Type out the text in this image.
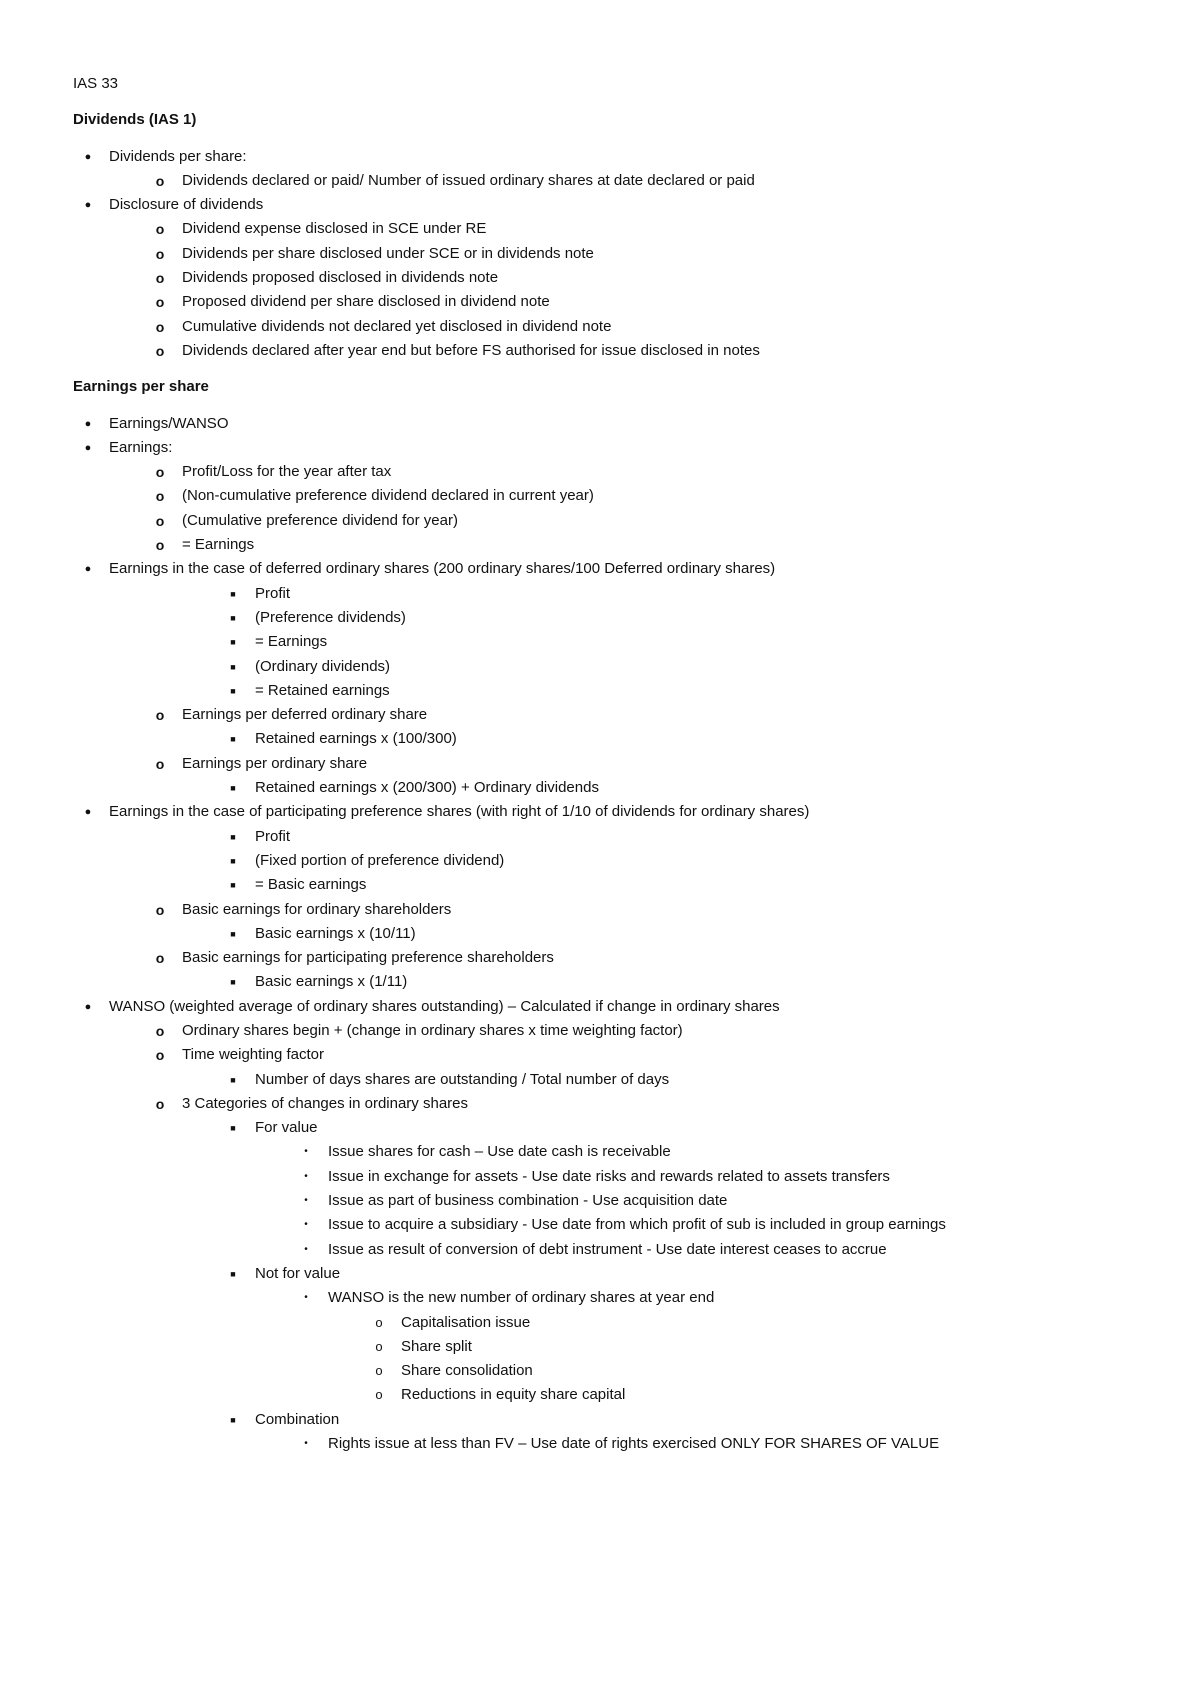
IAS 33
Dividends (IAS 1)
●	Dividends per share:
o	Dividends declared or paid/ Number of issued ordinary shares at date declared or paid
●	Disclosure of dividends
o	Dividend expense disclosed in SCE under RE
o	Dividends per share disclosed under SCE or in dividends note
o	Dividends proposed disclosed in dividends note
o	Proposed dividend per share disclosed in dividend note
o	Cumulative dividends not declared yet disclosed in dividend note
o	Dividends declared after year end but before FS authorised for issue disclosed in notes
Earnings per share
●	Earnings/WANSO
●	Earnings:
o	Profit/Loss for the year after tax
o	(Non-cumulative preference dividend declared in current year)
o	(Cumulative preference dividend for year)
o	= Earnings
●	Earnings in the case of deferred ordinary shares (200 ordinary shares/100 Deferred ordinary shares)
■	Profit
■	(Preference dividends)
■	= Earnings
■	(Ordinary dividends)
■	= Retained earnings
o	Earnings per deferred ordinary share
■	Retained earnings x (100/300)
o	Earnings per ordinary share
■	Retained earnings x (200/300) + Ordinary dividends
●	Earnings in the case of participating preference shares (with right of 1/10 of dividends for ordinary shares)
■	Profit
■	(Fixed portion of preference dividend)
■	= Basic earnings
o	Basic earnings for ordinary shareholders
■	Basic earnings x (10/11)
o	Basic earnings for participating preference shareholders
■	Basic earnings x (1/11)
●	WANSO (weighted average of ordinary shares outstanding) – Calculated if change in ordinary shares
o	Ordinary shares begin + (change in ordinary shares x time weighting factor)
o	Time weighting factor
■	Number of days shares are outstanding / Total number of days
o	3 Categories of changes in ordinary shares
■	For value
•	Issue shares for cash – Use date cash is receivable
•	Issue in exchange for assets - Use date risks and rewards related to assets transfers
•	Issue as part of business combination - Use acquisition date
•	Issue to acquire a subsidiary - Use date from which profit of sub is included in group earnings
•	Issue as result of conversion of debt instrument - Use date interest ceases to accrue
■	Not for value
•	WANSO is the new number of ordinary shares at year end
o	Capitalisation issue
o	Share split
o	Share consolidation
o	Reductions in equity share capital
■	Combination
•	Rights issue at less than FV – Use date of rights exercised ONLY FOR SHARES OF VALUE
